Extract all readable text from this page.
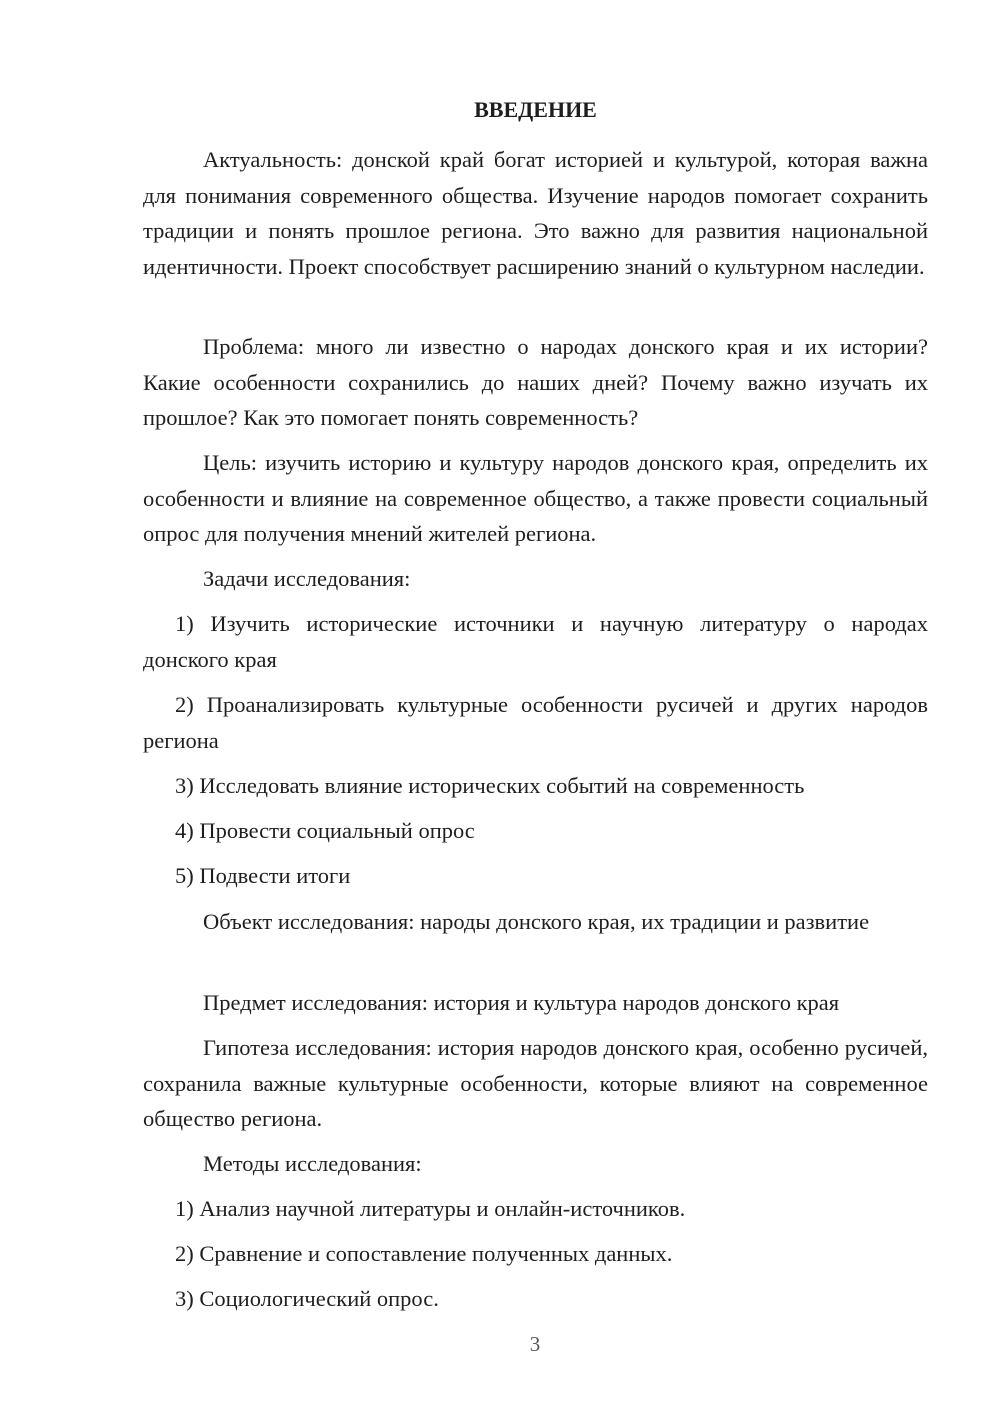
ВВЕДЕНИЕ

Актуальность: донской край богат историей и культурой, которая важна для понимания современного общества. Изучение народов помогает сохранить традиции и понять прошлое региона. Это важно для развития национальной идентичности. Проект способствует расширению знаний о культурном наследии.

Проблема: много ли известно о народах донского края и их истории? Какие особенности сохранились до наших дней? Почему важно изучать их прошлое? Как это помогает понять современность?

Цель: изучить историю и культуру народов донского края, определить их особенности и влияние на современное общество, а также провести социальный опрос для получения мнений жителей региона.

Задачи исследования:

1) Изучить исторические источники и научную литературу о народах донского края

2) Проанализировать культурные особенности русичей и других народов региона

3) Исследовать влияние исторических событий на современность

4) Провести социальный опрос

5) Подвести итоги

Объект исследования: народы донского края, их традиции и развитие

Предмет исследования: история и культура народов донского края

Гипотеза исследования: история народов донского края, особенно русичей, сохранила важные культурные особенности, которые влияют на современное общество региона.

Методы исследования:

1) Анализ научной литературы и онлайн-источников.

2) Сравнение и сопоставление полученных данных.

3) Социологический опрос.

3
